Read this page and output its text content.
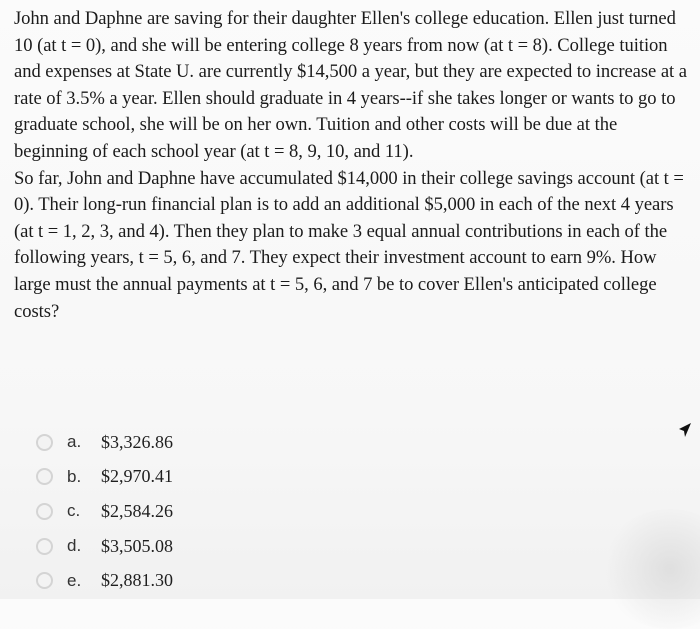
John and Daphne are saving for their daughter Ellen's college education. Ellen just turned 10 (at t = 0), and she will be entering college 8 years from now (at t = 8). College tuition and expenses at State U. are currently $14,500 a year, but they are expected to increase at a rate of 3.5% a year. Ellen should graduate in 4 years--if she takes longer or wants to go to graduate school, she will be on her own. Tuition and other costs will be due at the beginning of each school year (at t = 8, 9, 10, and 11).

So far, John and Daphne have accumulated $14,000 in their college savings account (at t = 0). Their long-run financial plan is to add an additional $5,000 in each of the next 4 years (at t = 1, 2, 3, and 4). Then they plan to make 3 equal annual contributions in each of the following years, t = 5, 6, and 7. They expect their investment account to earn 9%. How large must the annual payments at t = 5, 6, and 7 be to cover Ellen's anticipated college costs?

a.	$3,326.86
b.	$2,970.41
c.	$2,584.26
d.	$3,505.08
e.	$2,881.30
